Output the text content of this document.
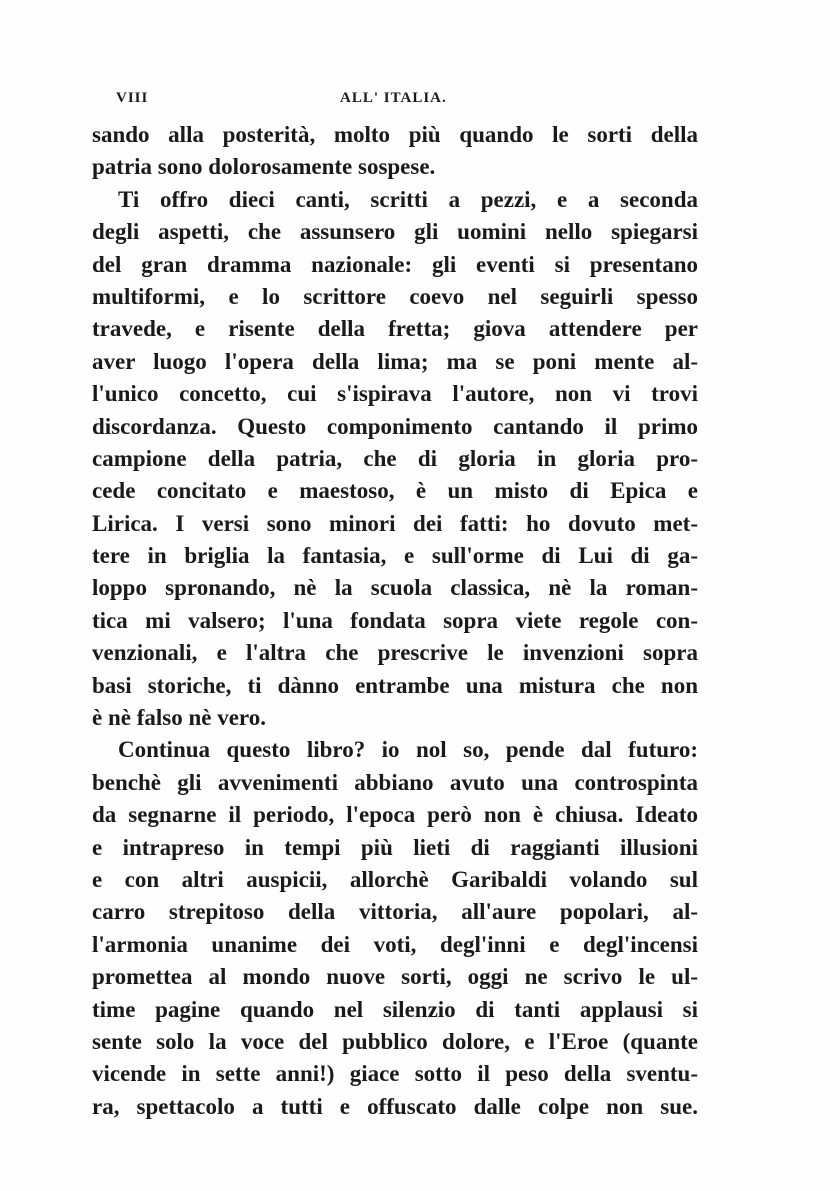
VIII	ALL' ITALIA.
sando alla posterità, molto più quando le sorti della
patria sono dolorosamente sospese.
Ti offro dieci canti, scritti a pezzi, e a seconda
degli aspetti, che assunsero gli uomini nello spiegarsi
del gran dramma nazionale: gli eventi si presentano
multiformi, e lo scrittore coevo nel seguirli spesso
travede, e risente della fretta; giova attendere per
aver luogo l'opera della lima; ma se poni mente al-
l'unico concetto, cui s'ispirava l'autore, non vi trovi
discordanza. Questo componimento cantando il primo
campione della patria, che di gloria in gloria pro-
cede concitato e maestoso, è un misto di Epica e
Lirica. I versi sono minori dei fatti: ho dovuto met-
tere in briglia la fantasia, e sull'orme di Lui di ga-
loppo spronando, nè la scuola classica, nè la roman-
tica mi valsero; l'una fondata sopra viete regole con-
venzionali, e l'altra che prescrive le invenzioni sopra
basi storiche, ti dànno entrambe una mistura che non
è nè falso nè vero.
Continua questo libro? io nol so, pende dal futuro:
benchè gli avvenimenti abbiano avuto una controspinta
da segnarne il periodo, l'epoca però non è chiusa. Ideato
e intrapreso in tempi più lieti di raggianti illusioni
e con altri auspicii, allorchè Garibaldi volando sul
carro strepitoso della vittoria, all'aure popolari, al-
l'armonia unanime dei voti, degl'inni e degl'incensi
promettea al mondo nuove sorti, oggi ne scrivo le ul-
time pagine quando nel silenzio di tanti applausi si
sente solo la voce del pubblico dolore, e l'Eroe (quante
vicende in sette anni!) giace sotto il peso della sventu-
ra, spettacolo a tutti e offuscato dalle colpe non sue.
